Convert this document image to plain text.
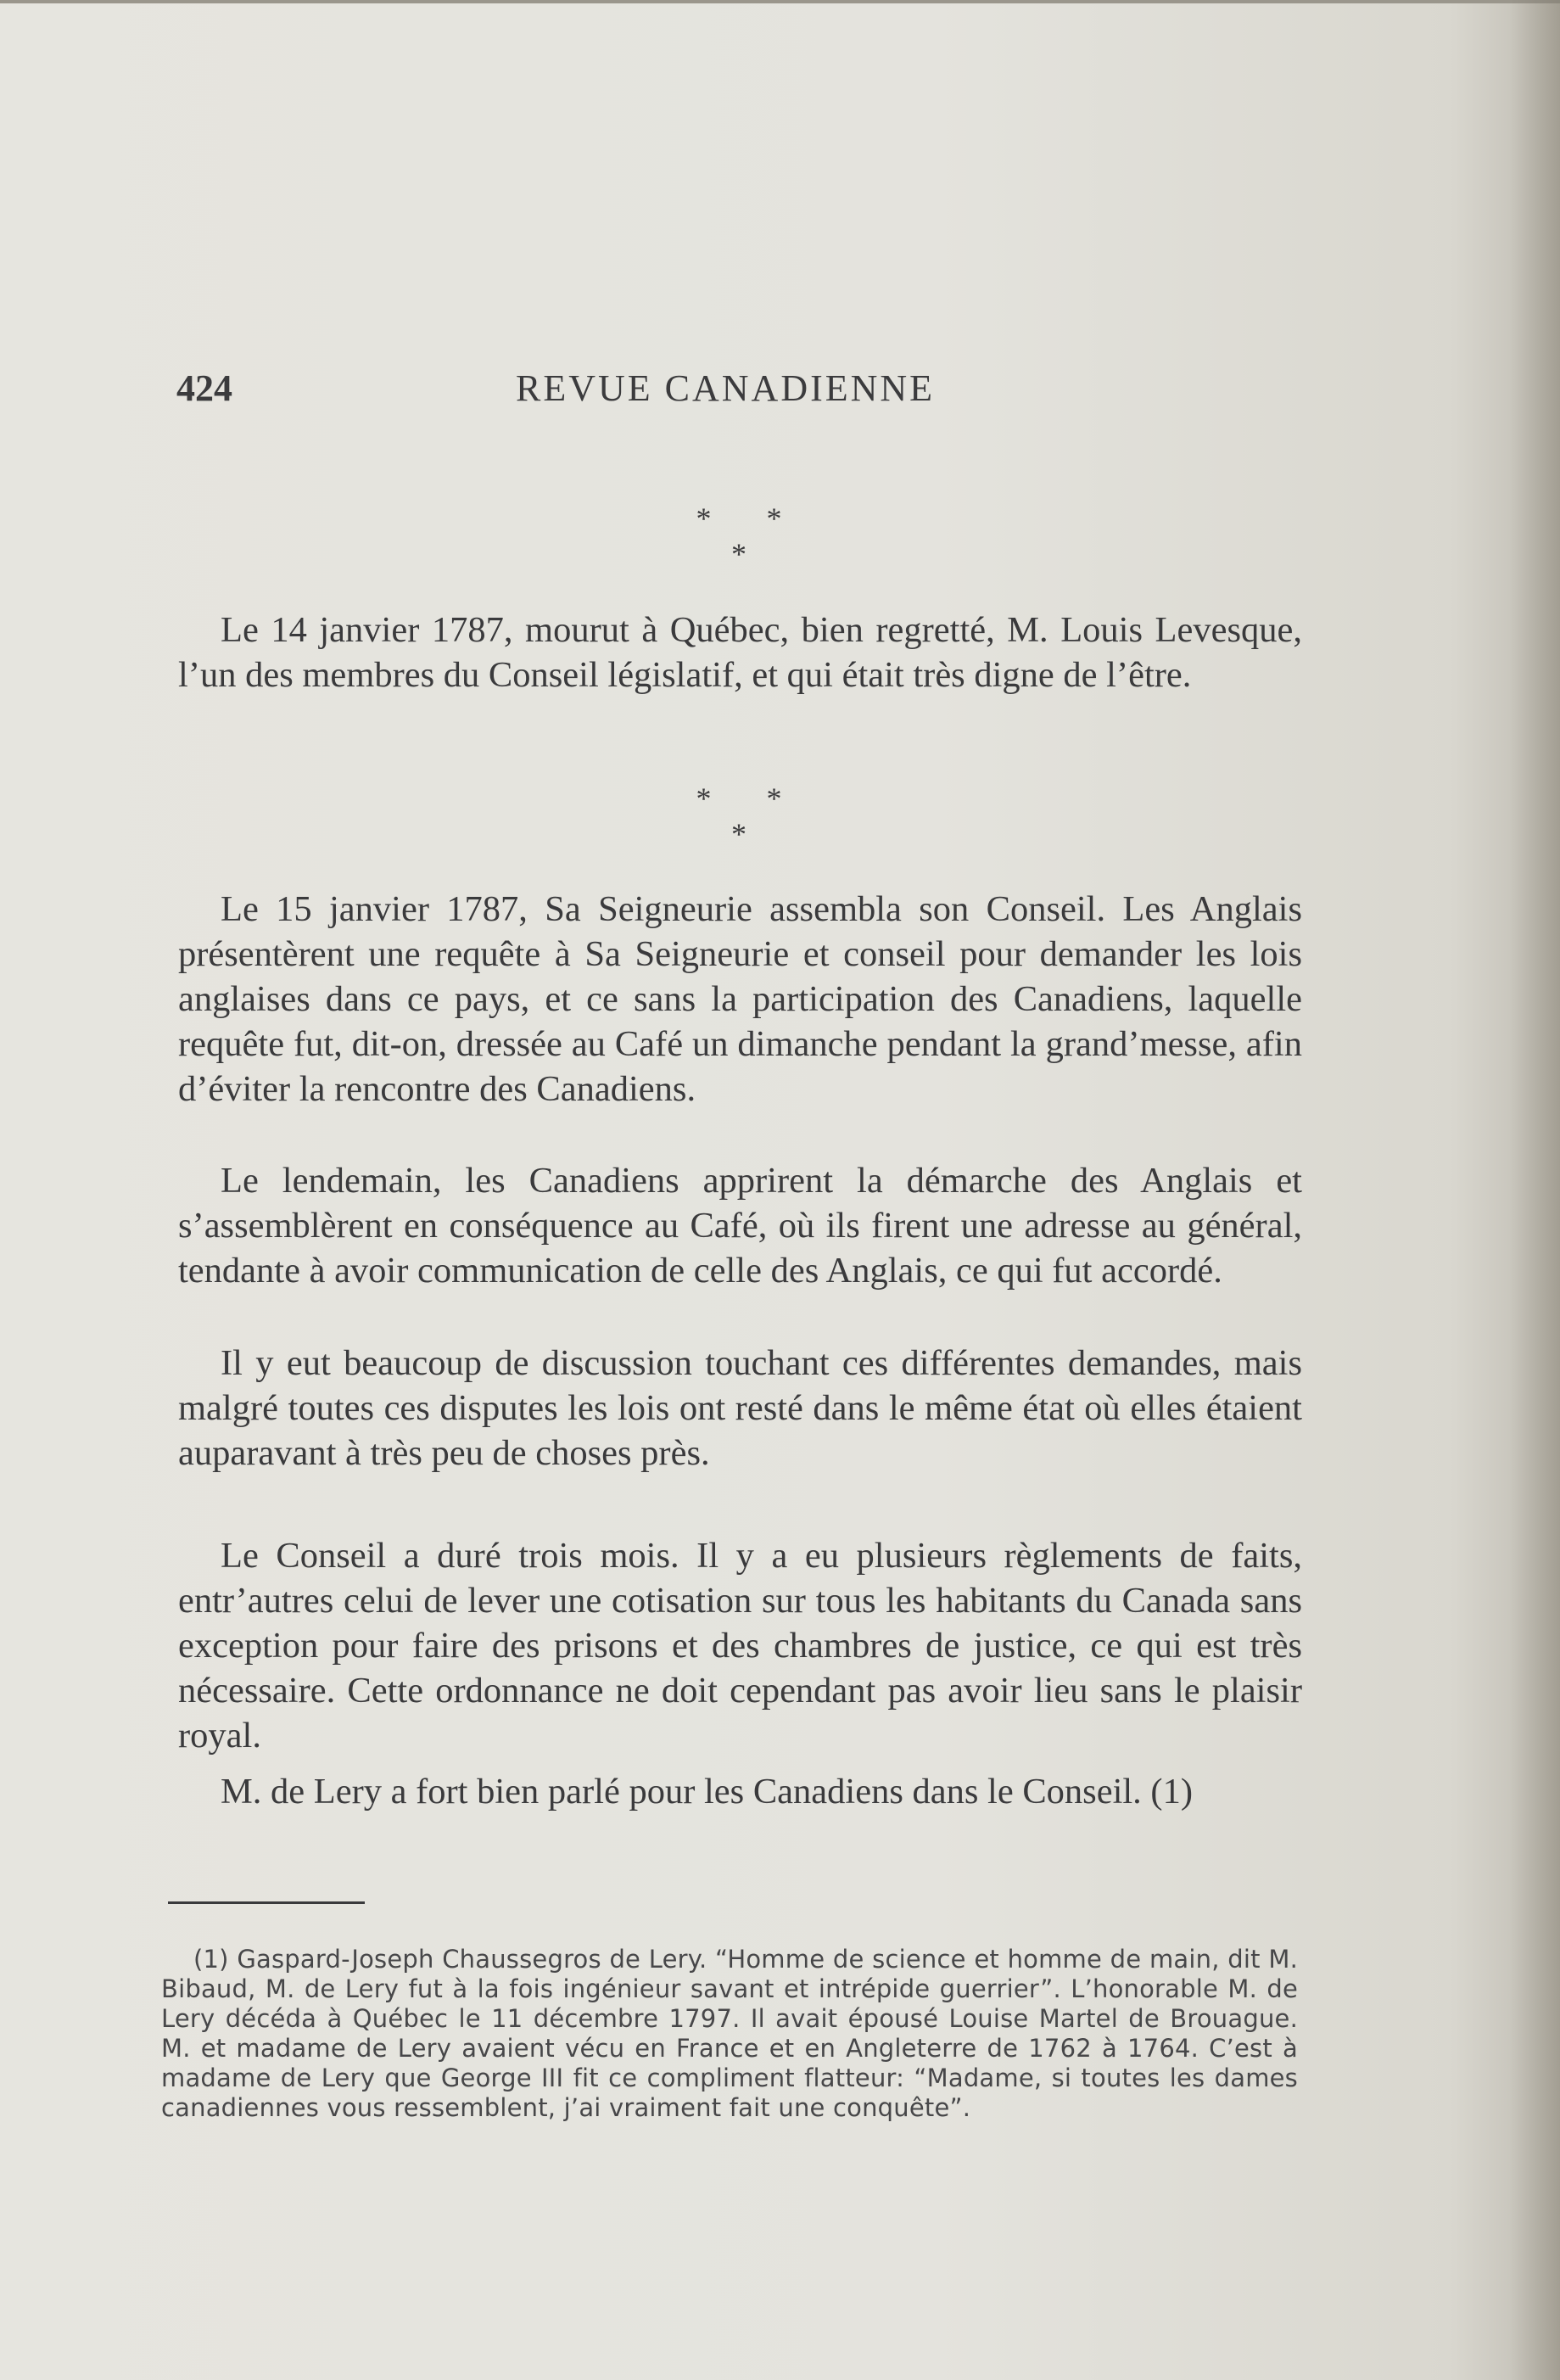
424	REVUE CANADIENNE
* * *

Le 14 janvier 1787, mourut à Québec, bien regretté, M. Louis Levesque, l’un des membres du Conseil législatif, et qui était très digne de l’être.

* * *

Le 15 janvier 1787, Sa Seigneurie assembla son Conseil. Les Anglais présentèrent une requête à Sa Seigneurie et conseil pour demander les lois anglaises dans ce pays, et ce sans la participation des Canadiens, laquelle requête fut, dit-on, dressée au Café un dimanche pendant la grand’messe, afin d’éviter la rencontre des Canadiens.

Le lendemain, les Canadiens apprirent la démarche des Anglais et s’assemblèrent en conséquence au Café, où ils firent une adresse au général, tendante à avoir communication de celle des Anglais, ce qui fut accordé.

Il y eut beaucoup de discussion touchant ces différentes demandes, mais malgré toutes ces disputes les lois ont resté dans le même état où elles étaient auparavant à très peu de choses près.

Le Conseil a duré trois mois. Il y a eu plusieurs règlements de faits, entr’autres celui de lever une cotisation sur tous les habitants du Canada sans exception pour faire des prisons et des chambres de justice, ce qui est très nécessaire. Cette ordonnance ne doit cependant pas avoir lieu sans le plaisir royal.

M. de Lery a fort bien parlé pour les Canadiens dans le Conseil. (1)

(1) Gaspard-Joseph Chaussegros de Lery. “Homme de science et homme de main, dit M. Bibaud, M. de Lery fut à la fois ingénieur savant et intrépide guerrier”. L’honorable M. de Lery décéda à Québec le 11 décembre 1797. Il avait épousé Louise Martel de Brouague. M. et madame de Lery avaient vécu en France et en Angleterre de 1762 à 1764. C’est à madame de Lery que George III fit ce compliment flatteur: “Madame, si toutes les dames canadiennes vous ressemblent, j’ai vraiment fait une conquête”.
